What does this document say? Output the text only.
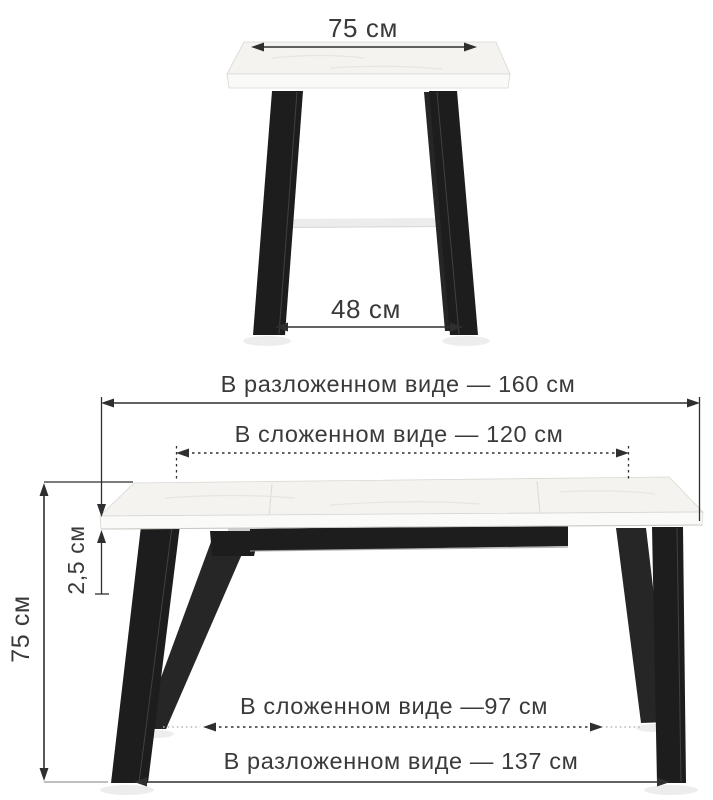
75 см
48 см
В разложенном виде — 160 см
В сложенном виде — 120 см
2,5 см
75 см
В сложенном виде —97 см
В разложенном виде — 137 см
